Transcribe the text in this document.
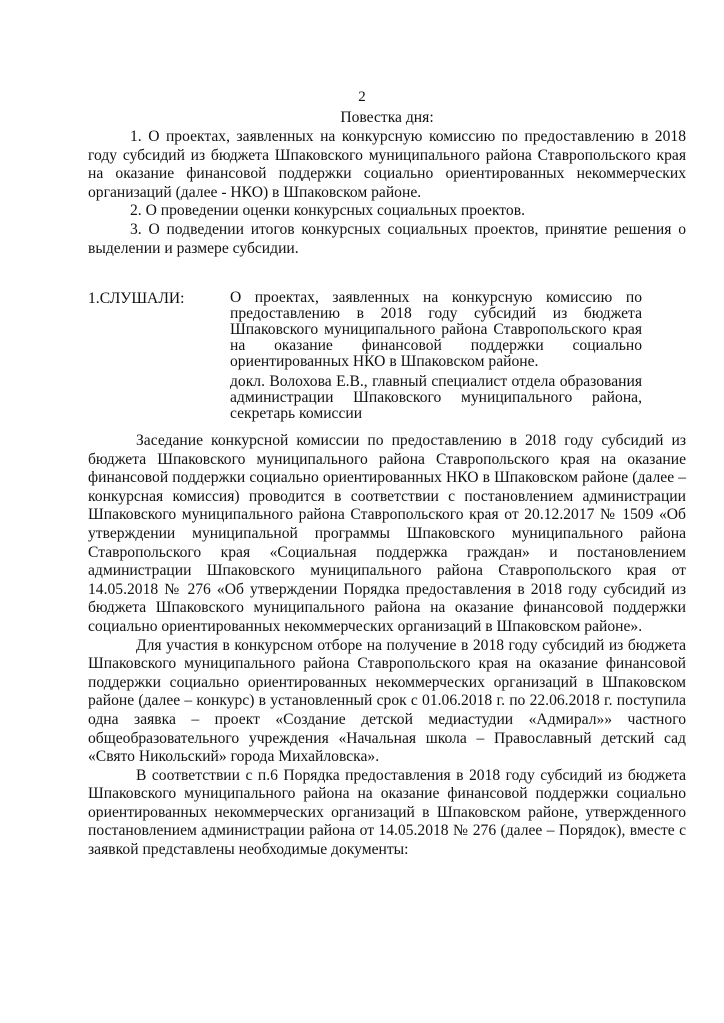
2
Повестка дня:

1. О проектах, заявленных на конкурсную комиссию по предоставлению в 2018 году субсидий из бюджета Шпаковского муниципального района Ставропольского края на оказание финансовой поддержки социально ориентированных некоммерческих организаций (далее - НКО) в Шпаковском районе.

2. О проведении оценки конкурсных социальных проектов.

3. О подведении итогов конкурсных социальных проектов, принятие решения о выделении и размере субсидии.

1.СЛУШАЛИ:	О проектах, заявленных на конкурсную комиссию по предоставлению в 2018 году субсидий из бюджета Шпаковского муниципального района Ставропольского края на оказание финансовой поддержки социально ориентированных НКО в Шпаковском районе.

докл. Волохова Е.В., главный специалист отдела образования администрации Шпаковского муниципального района, секретарь комиссии

Заседание конкурсной комиссии по предоставлению в 2018 году субсидий из бюджета Шпаковского муниципального района Ставропольского края на оказание финансовой поддержки социально ориентированных НКО в Шпаковском районе (далее – конкурсная комиссия) проводится в соответствии с постановлением администрации Шпаковского муниципального района Ставропольского края от 20.12.2017 № 1509 «Об утверждении муниципальной программы Шпаковского муниципального района Ставропольского края «Социальная поддержка граждан» и постановлением администрации Шпаковского муниципального района Ставропольского края от 14.05.2018 № 276 «Об утверждении Порядка предоставления в 2018 году субсидий из бюджета Шпаковского муниципального района на оказание финансовой поддержки социально ориентированных некоммерческих организаций в Шпаковском районе».

Для участия в конкурсном отборе на получение в 2018 году субсидий из бюджета Шпаковского муниципального района Ставропольского края на оказание финансовой поддержки социально ориентированных некоммерческих организаций в Шпаковском районе (далее – конкурс) в установленный срок с 01.06.2018 г. по 22.06.2018 г. поступила одна заявка – проект «Создание детской медиастудии «Адмирал»» частного общеобразовательного учреждения «Начальная школа – Православный детский сад «Свято Никольский» города Михайловска».

В соответствии с п.6 Порядка предоставления в 2018 году субсидий из бюджета Шпаковского муниципального района на оказание финансовой поддержки социально ориентированных некоммерческих организаций в Шпаковском районе, утвержденного постановлением администрации района от 14.05.2018 № 276 (далее – Порядок), вместе с заявкой представлены необходимые документы:
